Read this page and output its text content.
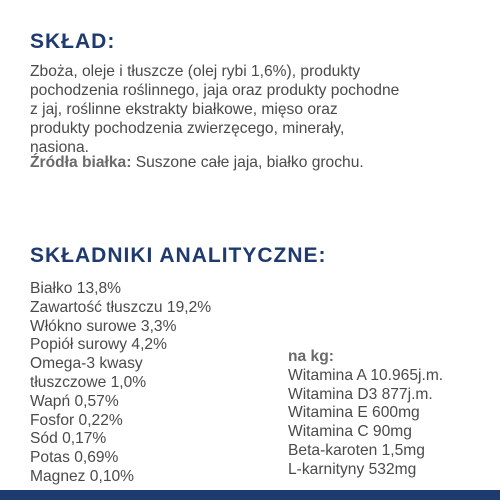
SKŁAD:

Zboża, oleje i tłuszcze (olej rybi 1,6%), produkty
pochodzenia roślinnego, jaja oraz produkty pochodne
z jaj, roślinne ekstrakty białkowe, mięso oraz
produkty pochodzenia zwierzęcego, minerały,
nasiona.

Źródła białka: Suszone całe jaja, białko grochu.

SKŁADNIKI ANALITYCZNE:
Białko 13,8%
Zawartość tłuszczu 19,2%
Włókno surowe 3,3%
Popiół surowy 4,2%
Omega-3 kwasy
tłuszczowe 1,0%
Wapń 0,57%
Fosfor 0,22%
Sód 0,17%
Potas 0,69%
Magnez 0,10%
na kg:
Witamina A 10.965j.m.
Witamina D3 877j.m.
Witamina E 600mg
Witamina C 90mg
Beta-karoten 1,5mg
L-karnityny 532mg
